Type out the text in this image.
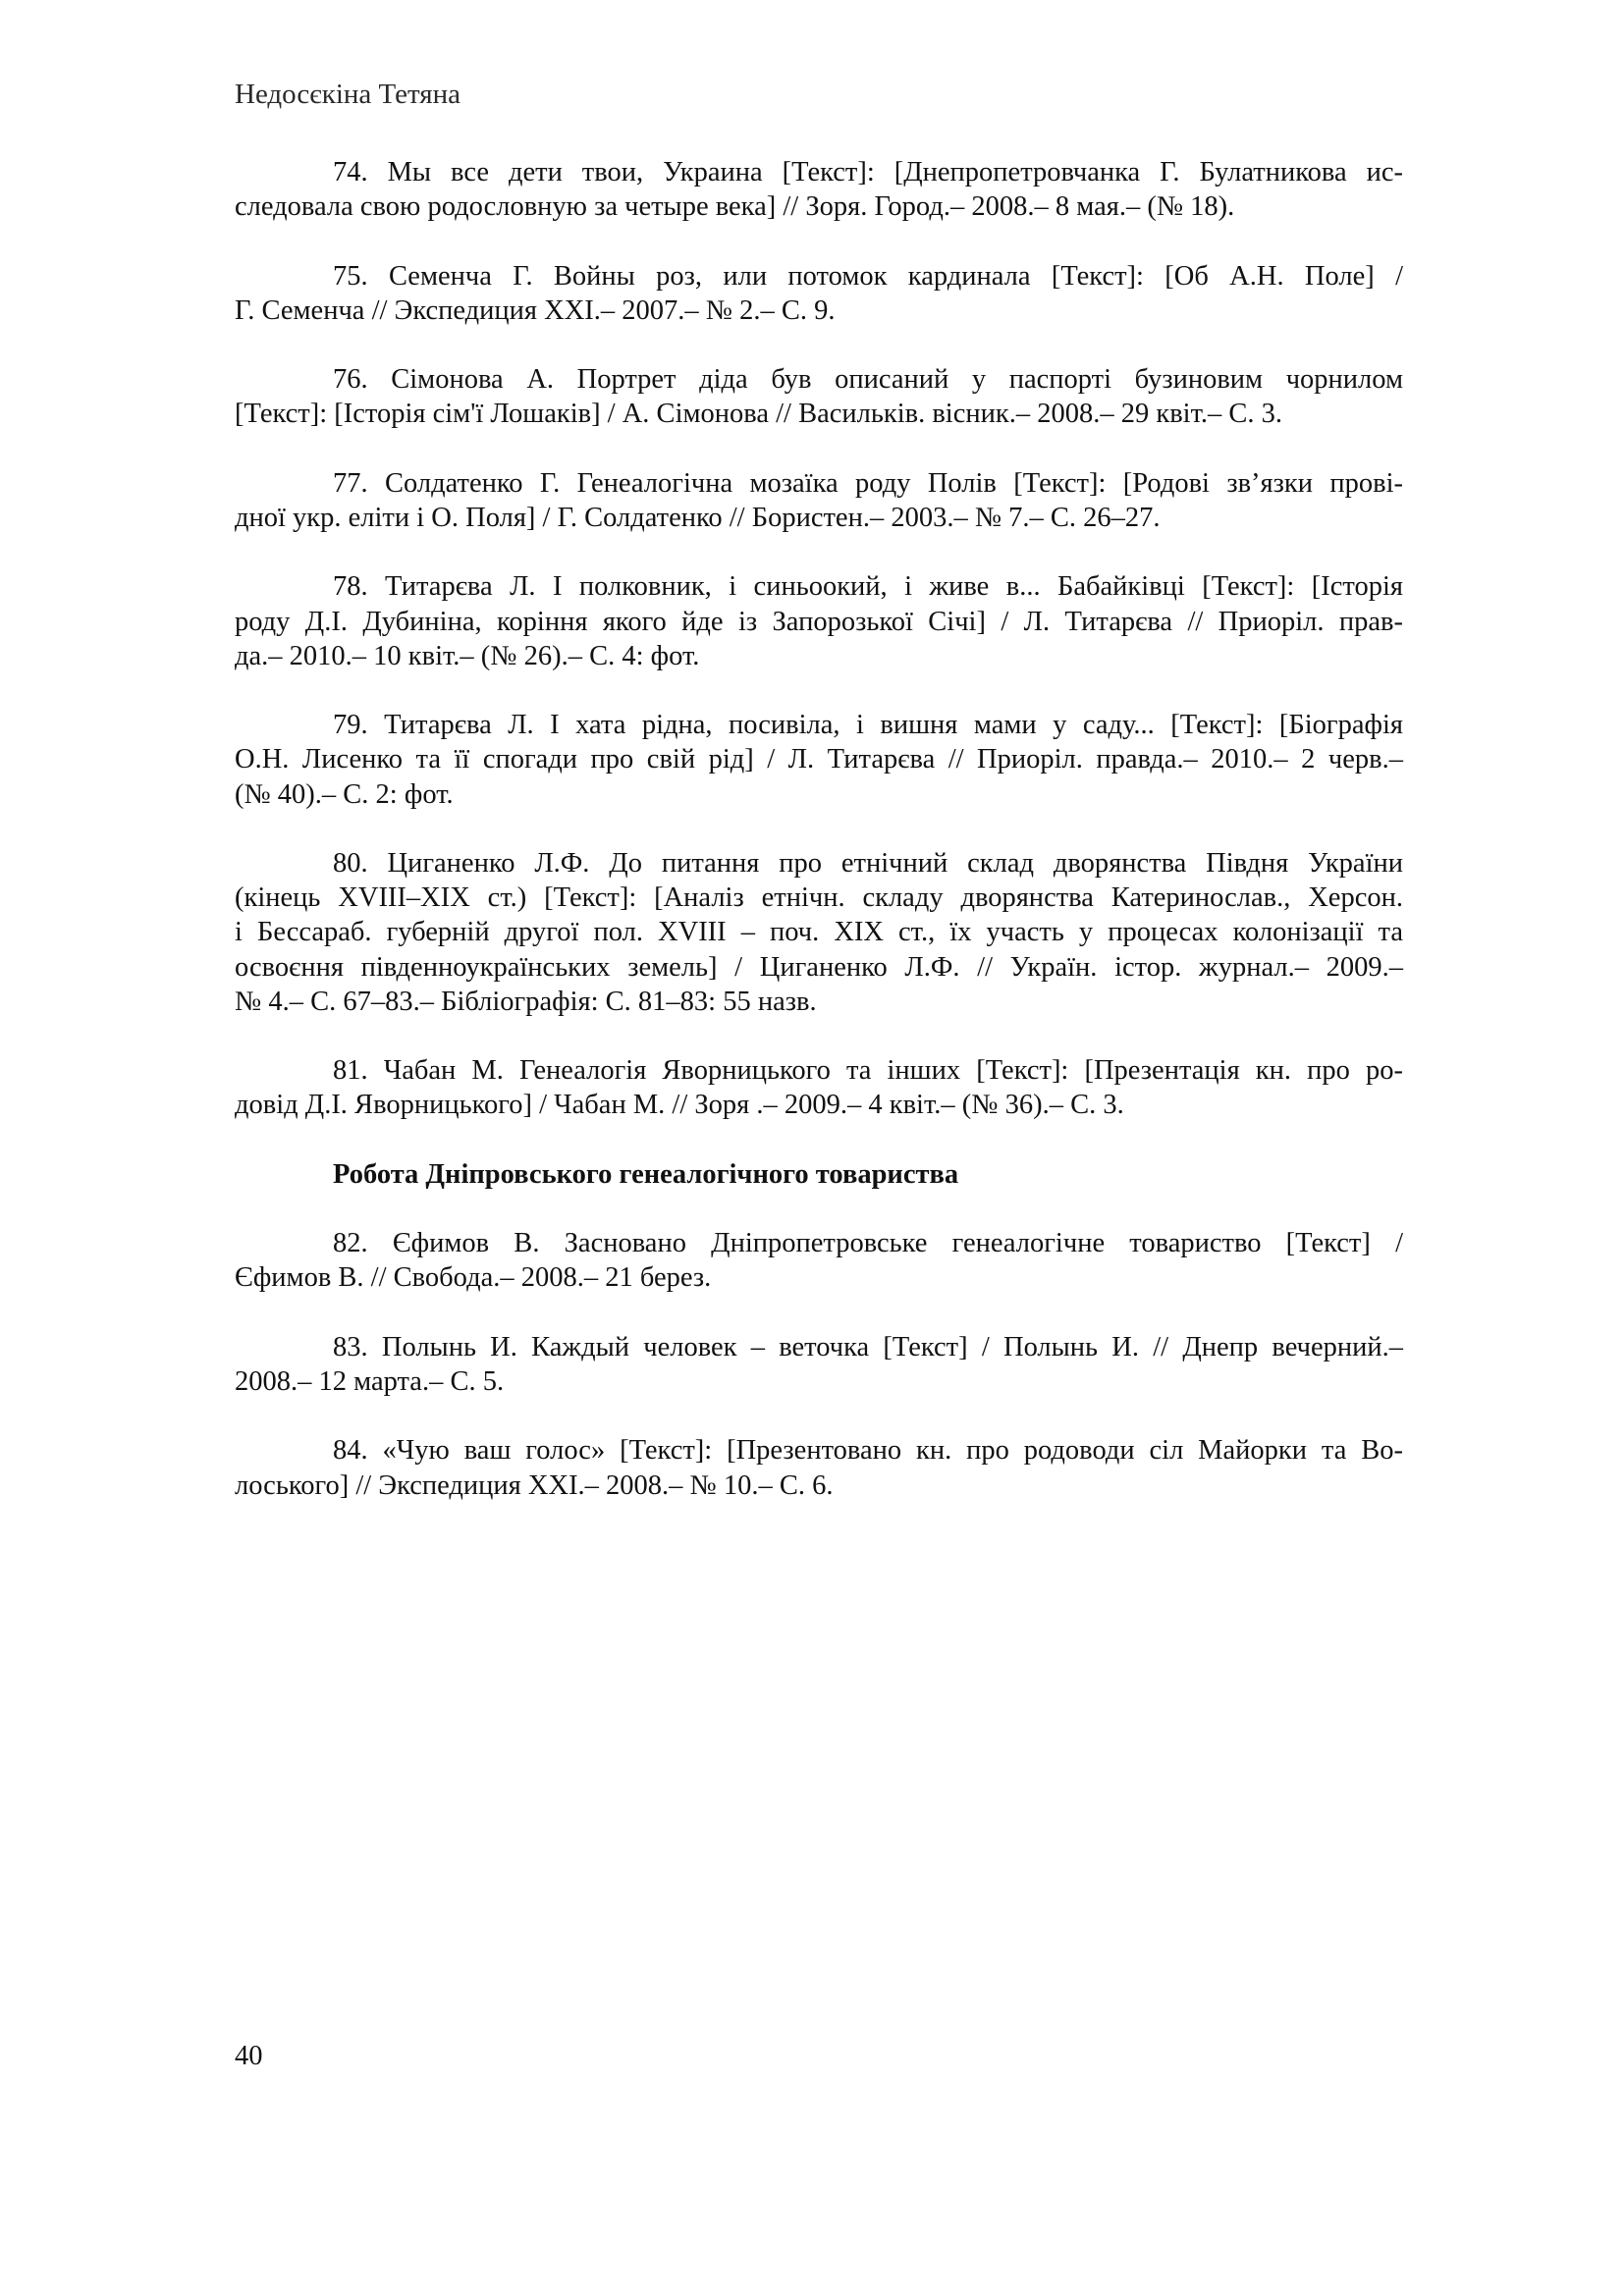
Недосєкіна Тетяна
74. Мы все дети твои, Украина [Текст]: [Днепропетровчанка Г. Булатникова ис-
следовала свою родословную за четыре века] // Зоря. Город.– 2008.– 8 мая.– (№ 18).
75. Семенча Г. Войны роз, или потомок кардинала [Текст]: [Об А.Н. Поле] /
Г. Семенча // Экспедиция XXI.– 2007.– № 2.– С. 9.
76. Сімонова А. Портрет діда був описаний у паспорті бузиновим чорнилом
[Текст]: [Історія сім'ї Лошаків] / А. Сімонова // Васильків. вісник.– 2008.– 29 квіт.– С. 3.
77. Солдатенко Г. Генеалогічна мозаїка роду Полів [Текст]: [Родові зв’язки прові-
дної укр. еліти і О. Поля] / Г. Солдатенко // Бористен.– 2003.– № 7.– С. 26–27.
78. Титарєва Л. І полковник, і синьоокий, і живе в... Бабайківці [Текст]: [Історія
роду Д.І. Дубиніна, коріння якого йде із Запорозької Січі] / Л. Титарєва // Приоріл. прав-
да.– 2010.– 10 квіт.– (№ 26).– С. 4: фот.
79. Титарєва Л. І хата рідна, посивіла, і вишня мами у саду... [Текст]: [Біографія
О.Н. Лисенко та її спогади про свій рід] / Л. Титарєва // Приоріл. правда.– 2010.– 2 черв.–
(№ 40).– С. 2: фот.
80. Циганенко Л.Ф. До питання про етнічний склад дворянства Півдня України
(кінець XVIII–XIX ст.) [Текст]: [Аналіз етнічн. складу дворянства Катеринослав., Херсон.
і Бессараб. губерній другої пол. XVIII – поч. XIX ст., їх участь у процесах колонізації та
освоєння південноукраїнських земель] / Циганенко Л.Ф. // Україн. істор. журнал.– 2009.–
№ 4.– С. 67–83.– Бібліографія: С. 81–83: 55 назв.
81. Чабан М. Генеалогія Яворницького та інших [Текст]: [Презентація кн. про ро-
довід Д.І. Яворницького] / Чабан М. // Зоря .– 2009.– 4 квіт.– (№ 36).– С. 3.
Робота Дніпровського генеалогічного товариства
82. Єфимов В. Засновано Дніпропетровське генеалогічне товариство [Текст] /
Єфимов В. // Свобода.– 2008.– 21 берез.
83. Полынь И. Каждый человек – веточка [Текст] / Полынь И. // Днепр вечерний.–
2008.– 12 марта.– С. 5.
84. «Чую ваш голос» [Текст]: [Презентовано кн. про родоводи сіл Майорки та Во-
лоського] // Экспедиция XXI.– 2008.– № 10.– С. 6.
40
